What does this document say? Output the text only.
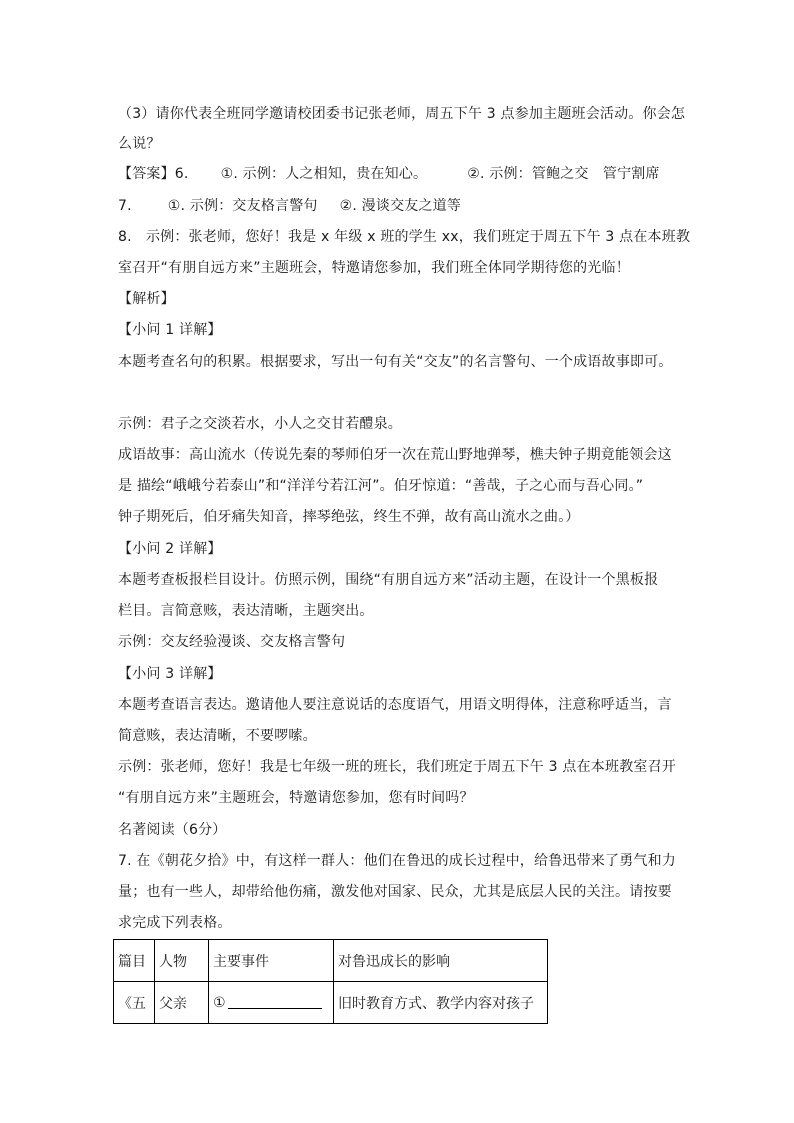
（3）请你代表全班同学邀请校团委书记张老师，周五下午 3 点参加主题班会活动。你会怎
么说？
【答案】6. ①. 示例：人之相知，贵在知心。	②. 示例：管鲍之交　管宁割席
7.	①. 示例：交友格言警句 ②. 漫谈交友之道等
8.　示例：张老师，您好！我是 x 年级 x 班的学生 xx，我们班定于周五下午 3 点在本班教
室召开“有朋自远方来”主题班会，特邀请您参加，我们班全体同学期待您的光临！
【解析】
【小问 1 详解】
本题考查名句的积累。根据要求，写出一句有关“交友”的名言警句、一个成语故事即可。
示例：君子之交淡若水，小人之交甘若醴泉。
成语故事：高山流水（传说先秦的琴师伯牙一次在荒山野地弹琴，樵夫钟子期竟能领会这
是 描绘“峨峨兮若泰山”和“洋洋兮若江河”。伯牙惊道：“善哉，子之心而与吾心同。”
钟子期死后，伯牙痛失知音，摔琴绝弦，终生不弹，故有高山流水之曲。）
【小问 2 详解】
本题考查板报栏目设计。仿照示例，围绕“有朋自远方来”活动主题，在设计一个黑板报
栏目。言简意赅，表达清晰，主题突出。
示例：交友经验漫谈、交友格言警句
【小问 3 详解】
本题考查语言表达。邀请他人要注意说话的态度语气，用语文明得体，注意称呼适当，言
简意赅，表达清晰，不要啰嗦。
示例：张老师，您好！我是七年级一班的班长，我们班定于周五下午 3 点在本班教室召开
“有朋自远方来”主题班会，特邀请您参加，您有时间吗？
名著阅读（6分）
7. 在《朝花夕拾》中，有这样一群人：他们在鲁迅的成长过程中，给鲁迅带来了勇气和力
量；也有一些人，却带给他伤痛，激发他对国家、民众，尤其是底层人民的关注。请按要
求完成下列表格。
篇目	人物	主要事件	对鲁迅成长的影响
《五	父亲	①	旧时教育方式、教学内容对孩子
